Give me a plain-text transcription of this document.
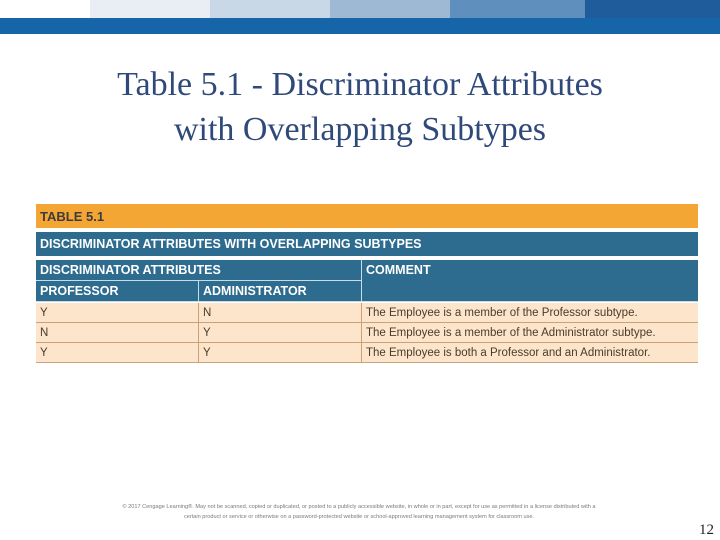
Table 5.1 - Discriminator Attributes
with Overlapping Subtypes
TABLE 5.1
DISCRIMINATOR ATTRIBUTES WITH OVERLAPPING SUBTYPES
DISCRIMINATOR ATTRIBUTES
PROFESSOR	ADMINISTRATOR
COMMENT
Y	N	The Employee is a member of the Professor subtype.
N	Y	The Employee is a member of the Administrator subtype.
Y	Y	The Employee is both a Professor and an Administrator.
© 2017 Cengage Learning®. May not be scanned, copied or duplicated, or posted to a publicly accessible website, in whole or in part, except for use as permitted in a license distributed with a
certain product or service or otherwise on a password-protected website or school-approved learning management system for classroom use.
12
